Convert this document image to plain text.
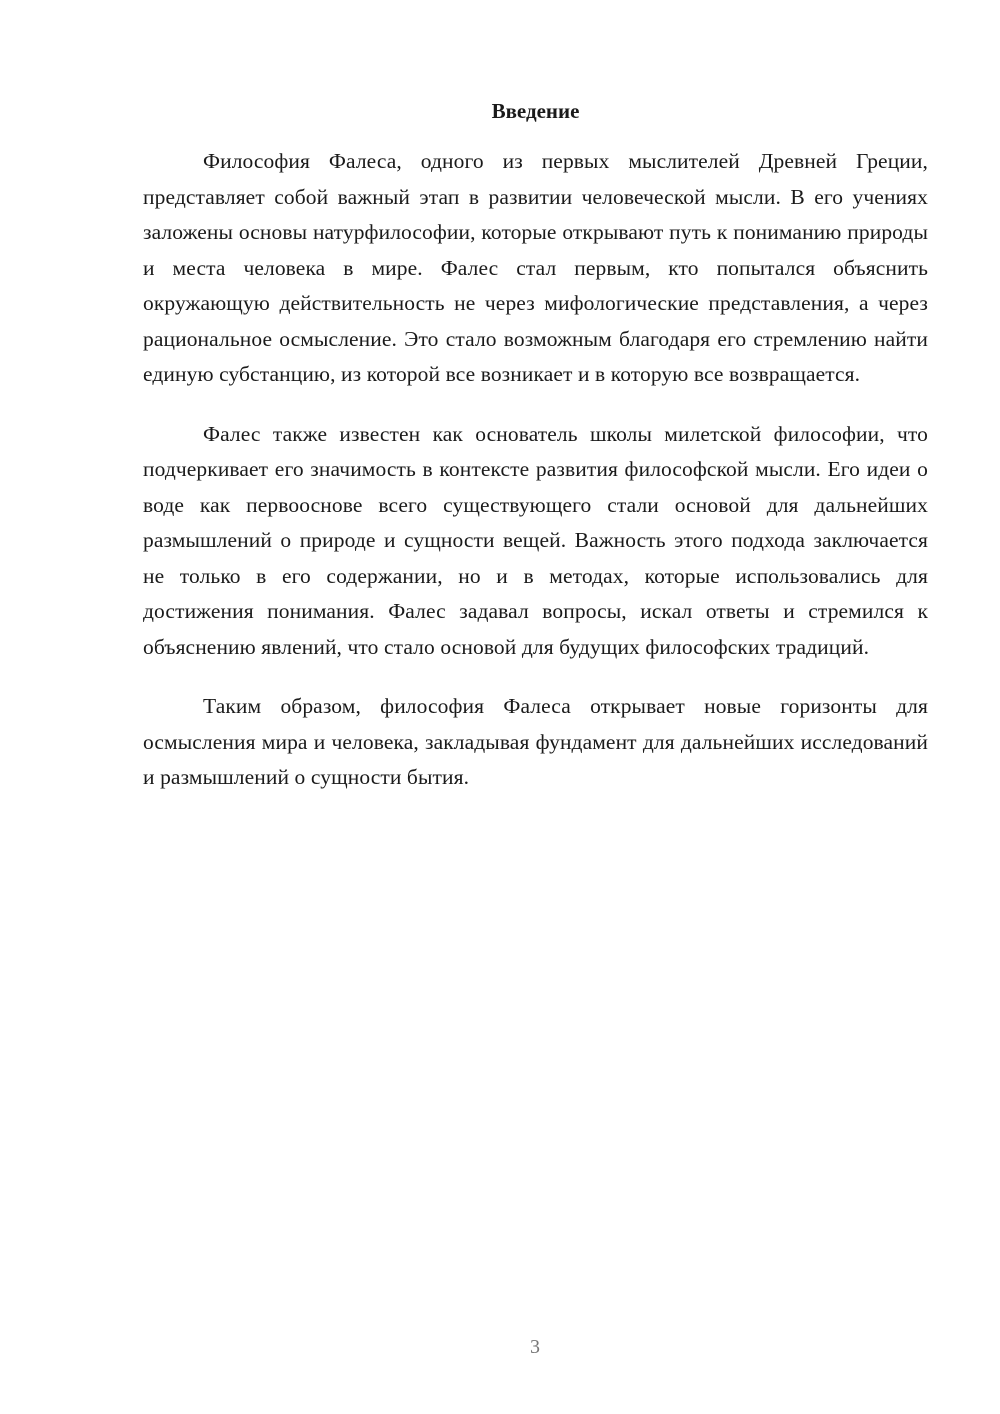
Введение

Философия Фалеса, одного из первых мыслителей Древней Греции, представляет собой важный этап в развитии человеческой мысли. В его учениях заложены основы натурфилософии, которые открывают путь к пониманию природы и места человека в мире. Фалес стал первым, кто попытался объяснить окружающую действительность не через мифологические представления, а через рациональное осмысление. Это стало возможным благодаря его стремлению найти единую субстанцию, из которой все возникает и в которую все возвращается.

Фалес также известен как основатель школы милетской философии, что подчеркивает его значимость в контексте развития философской мысли. Его идеи о воде как первооснове всего существующего стали основой для дальнейших размышлений о природе и сущности вещей. Важность этого подхода заключается не только в его содержании, но и в методах, которые использовались для достижения понимания. Фалес задавал вопросы, искал ответы и стремился к объяснению явлений, что стало основой для будущих философских традиций.

Таким образом, философия Фалеса открывает новые горизонты для осмысления мира и человека, закладывая фундамент для дальнейших исследований и размышлений о сущности бытия.

3
